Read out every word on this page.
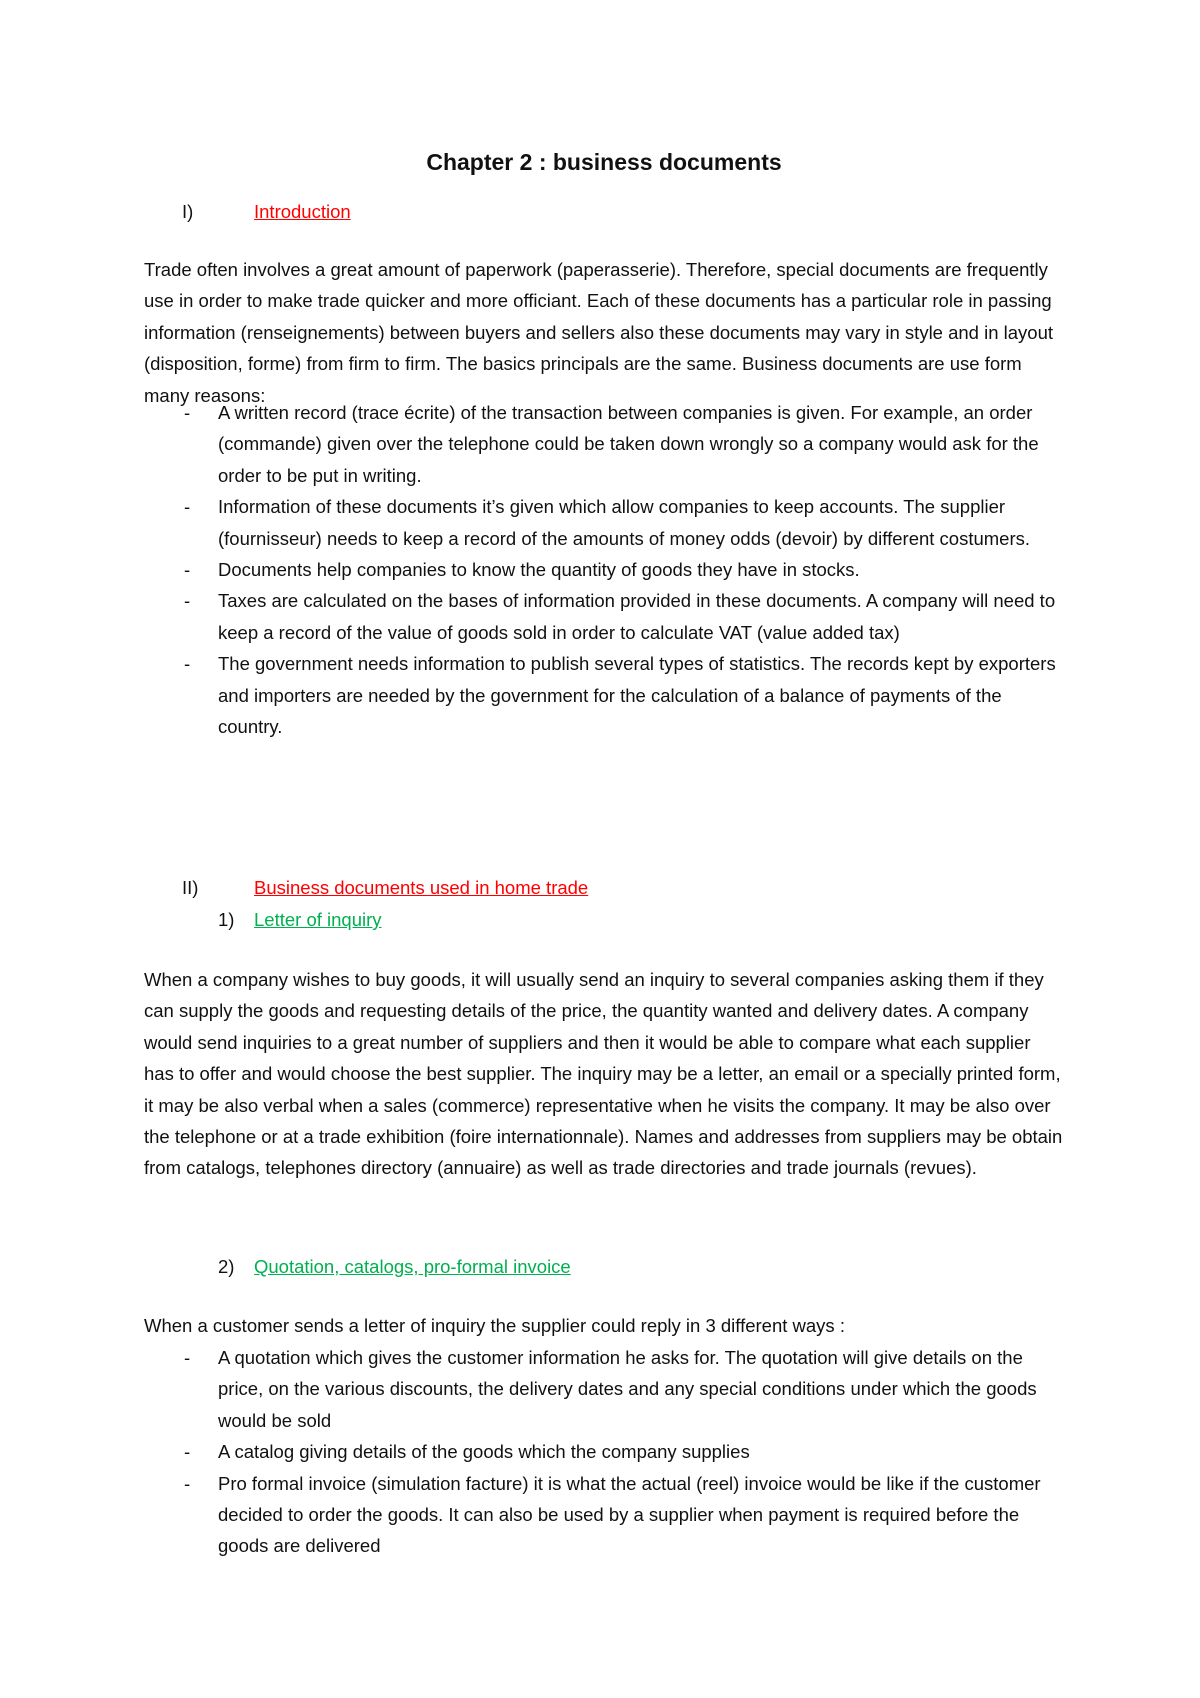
Chapter 2 : business documents
I)	Introduction

Trade often involves a great amount of paperwork (paperasserie). Therefore, special documents are frequently use in order to make trade quicker and more officiant. Each of these documents has a particular role in passing information (renseignements) between buyers and sellers also these documents may vary in style and in layout (disposition, forme) from firm to firm. The basics principals are the same. Business documents are use form many reasons:

- A written record (trace écrite) of the transaction between companies is given. For example, an order (commande) given over the telephone could be taken down wrongly so a company would ask for the order to be put in writing.
- Information of these documents it’s given which allow companies to keep accounts. The supplier (fournisseur) needs to keep a record of the amounts of money odds (devoir) by different costumers.
- Documents help companies to know the quantity of goods they have in stocks.
- Taxes are calculated on the bases of information provided in these documents. A company will need to keep a record of the value of goods sold in order to calculate VAT (value added tax)
- The government needs information to publish several types of statistics. The records kept by exporters and importers are needed by the government for the calculation of a balance of payments of the country.
II)	Business documents used in home trade
1) Letter of inquiry

When a company wishes to buy goods, it will usually send an inquiry to several companies asking them if they can supply the goods and requesting details of the price, the quantity wanted and delivery dates. A company would send inquiries to a great number of suppliers and then it would be able to compare what each supplier has to offer and would choose the best supplier. The inquiry may be a letter, an email or a specially printed form, it may be also verbal when a sales (commerce) representative when he visits the company. It may be also over the telephone or at a trade exhibition (foire internationnale). Names and addresses from suppliers may be obtain from catalogs, telephones directory (annuaire) as well as trade directories and trade journals (revues).

2) Quotation, catalogs, pro-formal invoice

When a customer sends a letter of inquiry the supplier could reply in 3 different ways :

- A quotation which gives the customer information he asks for. The quotation will give details on the price, on the various discounts, the delivery dates and any special conditions under which the goods would be sold
- A catalog giving details of the goods which the company supplies
- Pro formal invoice (simulation facture) it is what the actual (reel) invoice would be like if the customer decided to order the goods. It can also be used by a supplier when payment is required before the goods are delivered
